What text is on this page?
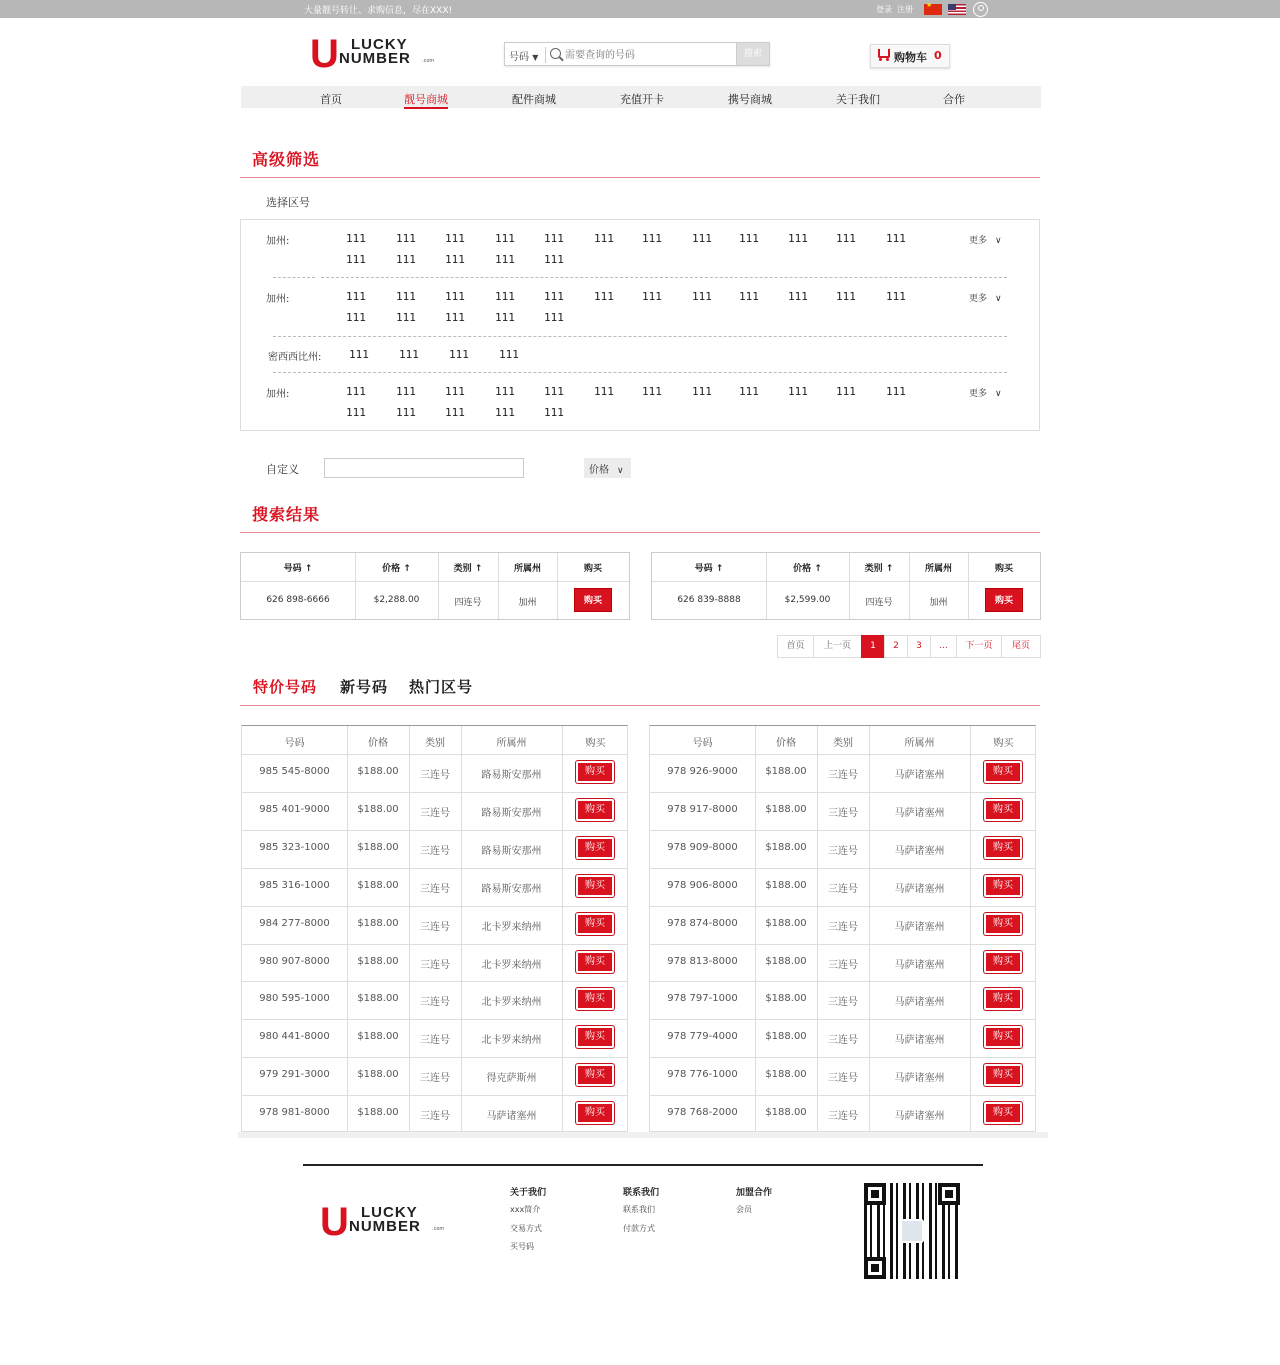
大量靓号转让、求购信息，尽在XXX!	登录 注册
★
U LUCKY
NUMBER .com	号码 ▼
需要查询的号码	搜索	购物车 0
首页	靓号商城	配件商城	充值开卡	携号商城	关于我们	合作
高级筛选
选择区号
加州:	111	111	111	111	111	111	111	111 111	111	111	111
111	111	111	111	111
更多 ∨
加州:	111	111	111	111	111	111	111	111 111	111	111	111
111	111	111	111	111
更多 ∨
密西西比州:	111	111	111	111
加州:	111	111	111	111	111	111	111	111 111	111	111	111
111	111	111	111	111
更多 ∨
自定义	价格 ∨
搜索结果
号码 ↑	价格 ↑	类别 ↑	所属州	购买
626 898-6666	$2,288.00	四连号	加州	购买
号码 ↑	价格 ↑	类别 ↑	所属州	购买
626 839-8888	$2,599.00	四连号	加州	购买
首页	上一页	1	2	3	...	下一页	尾页
特价号码 新号码 热门区号
号码	价格	类别	所属州	购买
985 545-8000	$188.00	三连号	路易斯安那州	购买
985 401-9000	$188.00	三连号	路易斯安那州	购买
985 323-1000	$188.00	三连号	路易斯安那州	购买
985 316-1000	$188.00	三连号	路易斯安那州	购买
984 277-8000	$188.00	三连号	北卡罗来纳州	购买
980 907-8000	$188.00	三连号	北卡罗来纳州	购买
980 595-1000	$188.00	三连号	北卡罗来纳州	购买
980 441-8000	$188.00	三连号	北卡罗来纳州	购买
979 291-3000	$188.00	三连号	得克萨斯州	购买
978 981-8000	$188.00	三连号	马萨诸塞州	购买
号码	价格	类别	所属州	购买
978 926-9000	$188.00	三连号	马萨诸塞州	购买
978 917-8000	$188.00	三连号	马萨诸塞州	购买
978 909-8000	$188.00	三连号	马萨诸塞州	购买
978 906-8000	$188.00	三连号	马萨诸塞州	购买
978 874-8000	$188.00	三连号	马萨诸塞州	购买
978 813-8000	$188.00	三连号	马萨诸塞州	购买
978 797-1000	$188.00	三连号	马萨诸塞州	购买
978 779-4000	$188.00	三连号	马萨诸塞州	购买
978 776-1000	$188.00	三连号	马萨诸塞州	购买
978 768-2000	$188.00	三连号	马萨诸塞州	购买
U LUCKY
NUMBER .com
关于我们
xxx简介
交易方式
买号码
联系我们
联系我们
付款方式
加盟合作
会员
